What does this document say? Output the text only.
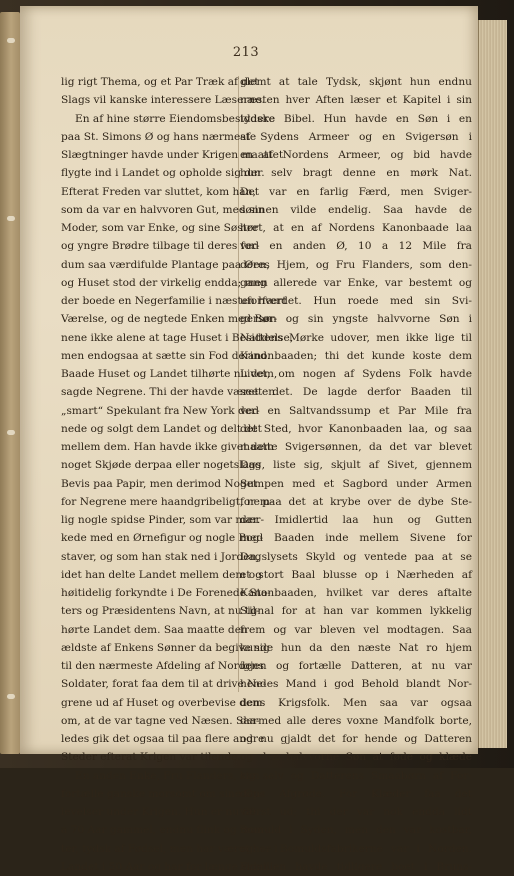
213
lig rigt Thema, og et Par Træk af det
Slags vil kanske interessere Læserne.
En af hine større Eiendomsbesiddere
paa St. Simons Ø og hans nærmeste
Slægtninger havde under Krigen maattet
flygte ind i Landet og opholde sig der.
Efterat Freden var sluttet, kom han,
som da var en halvvoren Gut, med sin
Moder, som var Enke, og sine Søstre
og yngre Brødre tilbage til deres for-
dum saa værdifulde Plantage paa Øen,
og Huset stod der virkelig endda; men
der boede en Negerfamilie i næsten hvert
Værelse, og de negtede Enken med Bør-
nene ikke alene at tage Huset i Besiddelse,
men endogsaa at sætte sin Fod derind.
Baade Huset og Landet tilhørte nu dem,
sagde Negrene. Thi der havde været en
„smart“ Spekulant fra New York der-
nede og solgt dem Landet og delt det
mellem dem. Han havde ikke givet dem
noget Skjøde derpaa eller nogetslags
Bevis paa Papir, men derimod Noget
for Negrene mere haandgribeligt, nem-
lig nogle spidse Pinder, som var mær-
kede med en Ørnefigur og nogle Bog-
staver, og som han stak ned i Jorden,
idet han delte Landet mellem dem og
høitidelig forkyndte i De Forenede Sta-
ters og Præsidentens Navn, at nu til-
hørte Landet dem. Saa maatte den
ældste af Enkens Sønner da begive sig
til den nærmeste Afdeling af Nordens
Soldater, forat faa dem til at drive Ne-
grene ud af Huset og overbevise dem
om, at de var tagne ved Næsen. Saa-
ledes gik det ogsaa til paa flere andre
Steder efterat Krigen var tilende.
En anden Enke, Fru Flanders, kan
fortælle ganske morsomt om sine Op-
levelser under Krigen. Hun er nu 60
a 70 Aar gammel, endnu flink og mun-
ter, tydsk af Fødsel, men har været her i
Landet i 50 Aar og har for længe siden
glemt at tale Tydsk, skjønt hun endnu
næsten hver Aften læser et Kapitel i sin
tydske Bibel. Hun havde en Søn i en
af Sydens Armeer og en Svigersøn i
en af Nordens Armeer, og bid havde
hun selv bragt denne en mørk Nat.
Det var en farlig Færd, men Sviger-
sønnen vilde endelig. Saa havde de
hørt, at en af Nordens Kanonbaade laa
ved en anden Ø, 10 a 12 Mile fra
deres Hjem, og Fru Flanders, som den-
gang allerede var Enke, var bestemt og
uforfærdet. Hun roede med sin Svi-
gersøn og sin yngste halvvorne Søn i
Nattens Mørke udover, men ikke lige til
Kanonbaaden; thi det kunde koste dem
Livet, om nogen af Sydens Folk havde
seet det. De lagde derfor Baaden til
ved en Saltvandssump et Par Mile fra
det Sted, hvor Kanonbaaden laa, og saa
maatte Svigersønnen, da det var blevet
Dag, liste sig, skjult af Sivet, gjennem
Sumpen med et Sagbord under Armen
for paa det at krybe over de dybe Ste-
der. Imidlertid laa hun og Gutten
med Baaden inde mellem Sivene for
Dagslysets Skyld og ventede paa at se
et stort Baal blusse op i Nærheden af
Kanonbaaden, hvilket var deres aftalte
Signal for at han var kommen lykkelig
frem og var bleven vel modtagen. Saa
kunde hun da den næste Nat ro hjem
igjen og fortælle Datteren, at nu var
hendes Mand i god Behold blandt Nor-
dens Krigsfolk. Men saa var ogsaa
dermed alle deres voxne Mandfolk borte,
og nu gjaldt det for hende og Datteren
og den halvvorne Søn at føde og klæde
sig selv og Datterens Smaabørn af For-
dens Afgrøde. For Klæder faa det
værst ud; thi der var nok endda lidt
Bomuld i Syden, men den var kostbar,
og — Bomuldsfabrikerne var i Norden.
Familien havde tidligere boet i Bruns-
